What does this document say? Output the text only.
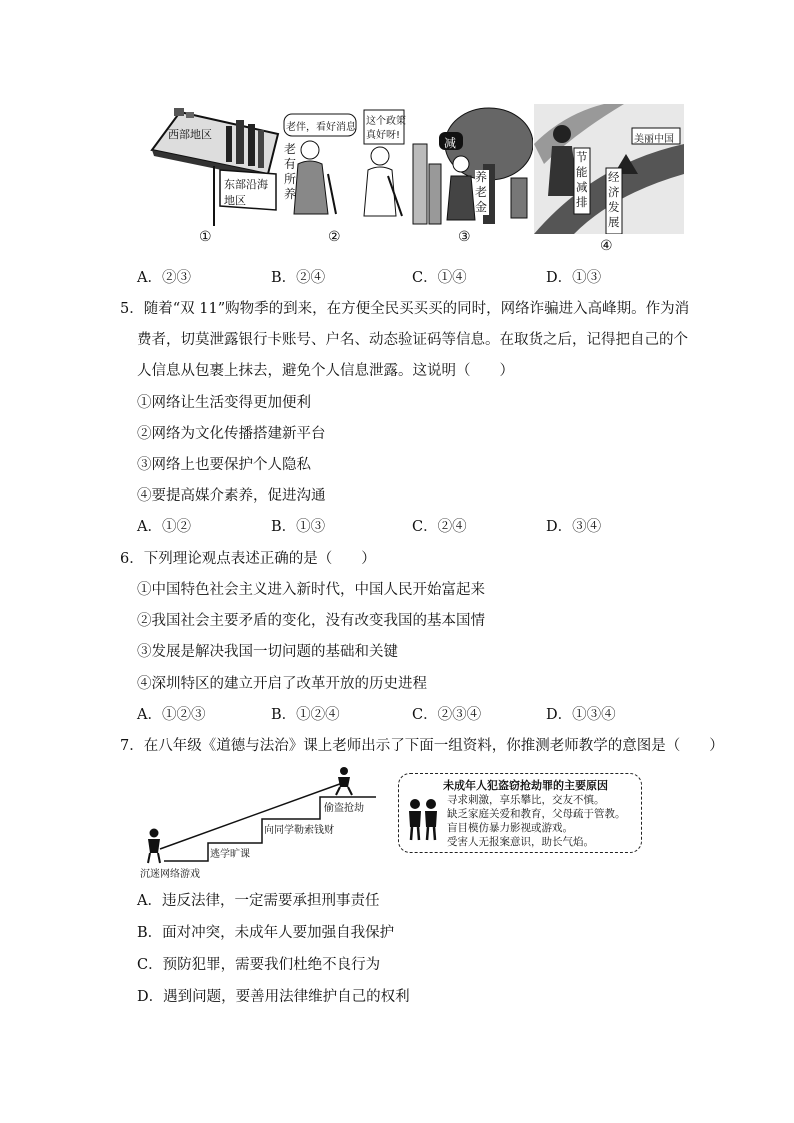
西部地区
东部沿海
地区
①
老伴，看好消息
这个政策
真好呀!
老
有
所
养
②
减
养
老
金
③
美丽中国
节
能
减
排
经
济
发
展
④
A．②③	B．②④	C．①④	D．①③
5．随着“双 11”购物季的到来，在方便全民买买买的同时，网络诈骗进入高峰期。作为消
费者，切莫泄露银行卡账号、户名、动态验证码等信息。在取货之后，记得把自己的个
人信息从包裹上抹去，避免个人信息泄露。这说明（　　）
①网络让生活变得更加便利
②网络为文化传播搭建新平台
③网络上也要保护个人隐私
④要提高媒介素养，促进沟通
A．①②	B．①③	C．②④	D．③④
6．下列理论观点表述正确的是（　　）
①中国特色社会主义进入新时代，中国人民开始富起来
②我国社会主要矛盾的变化，没有改变我国的基本国情
③发展是解决我国一切问题的基础和关键
④深圳特区的建立开启了改革开放的历史进程
A．①②③	B．①②④	C．②③④	D．①③④
7．在八年级《道德与法治》课上老师出示了下面一组资料，你推测老师教学的意图是（　　）
沉迷网络游戏
逃学旷课
向同学勒索钱财
偷盗抢劫
未成年人犯盗窃抢劫罪的主要原因
寻求刺激，享乐攀比，交友不慎。
缺乏家庭关爱和教育，父母疏于管教。
盲目模仿暴力影视或游戏。
受害人无报案意识，助长气焰。
A．违反法律，一定需要承担刑事责任
B．面对冲突，未成年人要加强自我保护
C．预防犯罪，需要我们杜绝不良行为
D．遇到问题，要善用法律维护自己的权利
